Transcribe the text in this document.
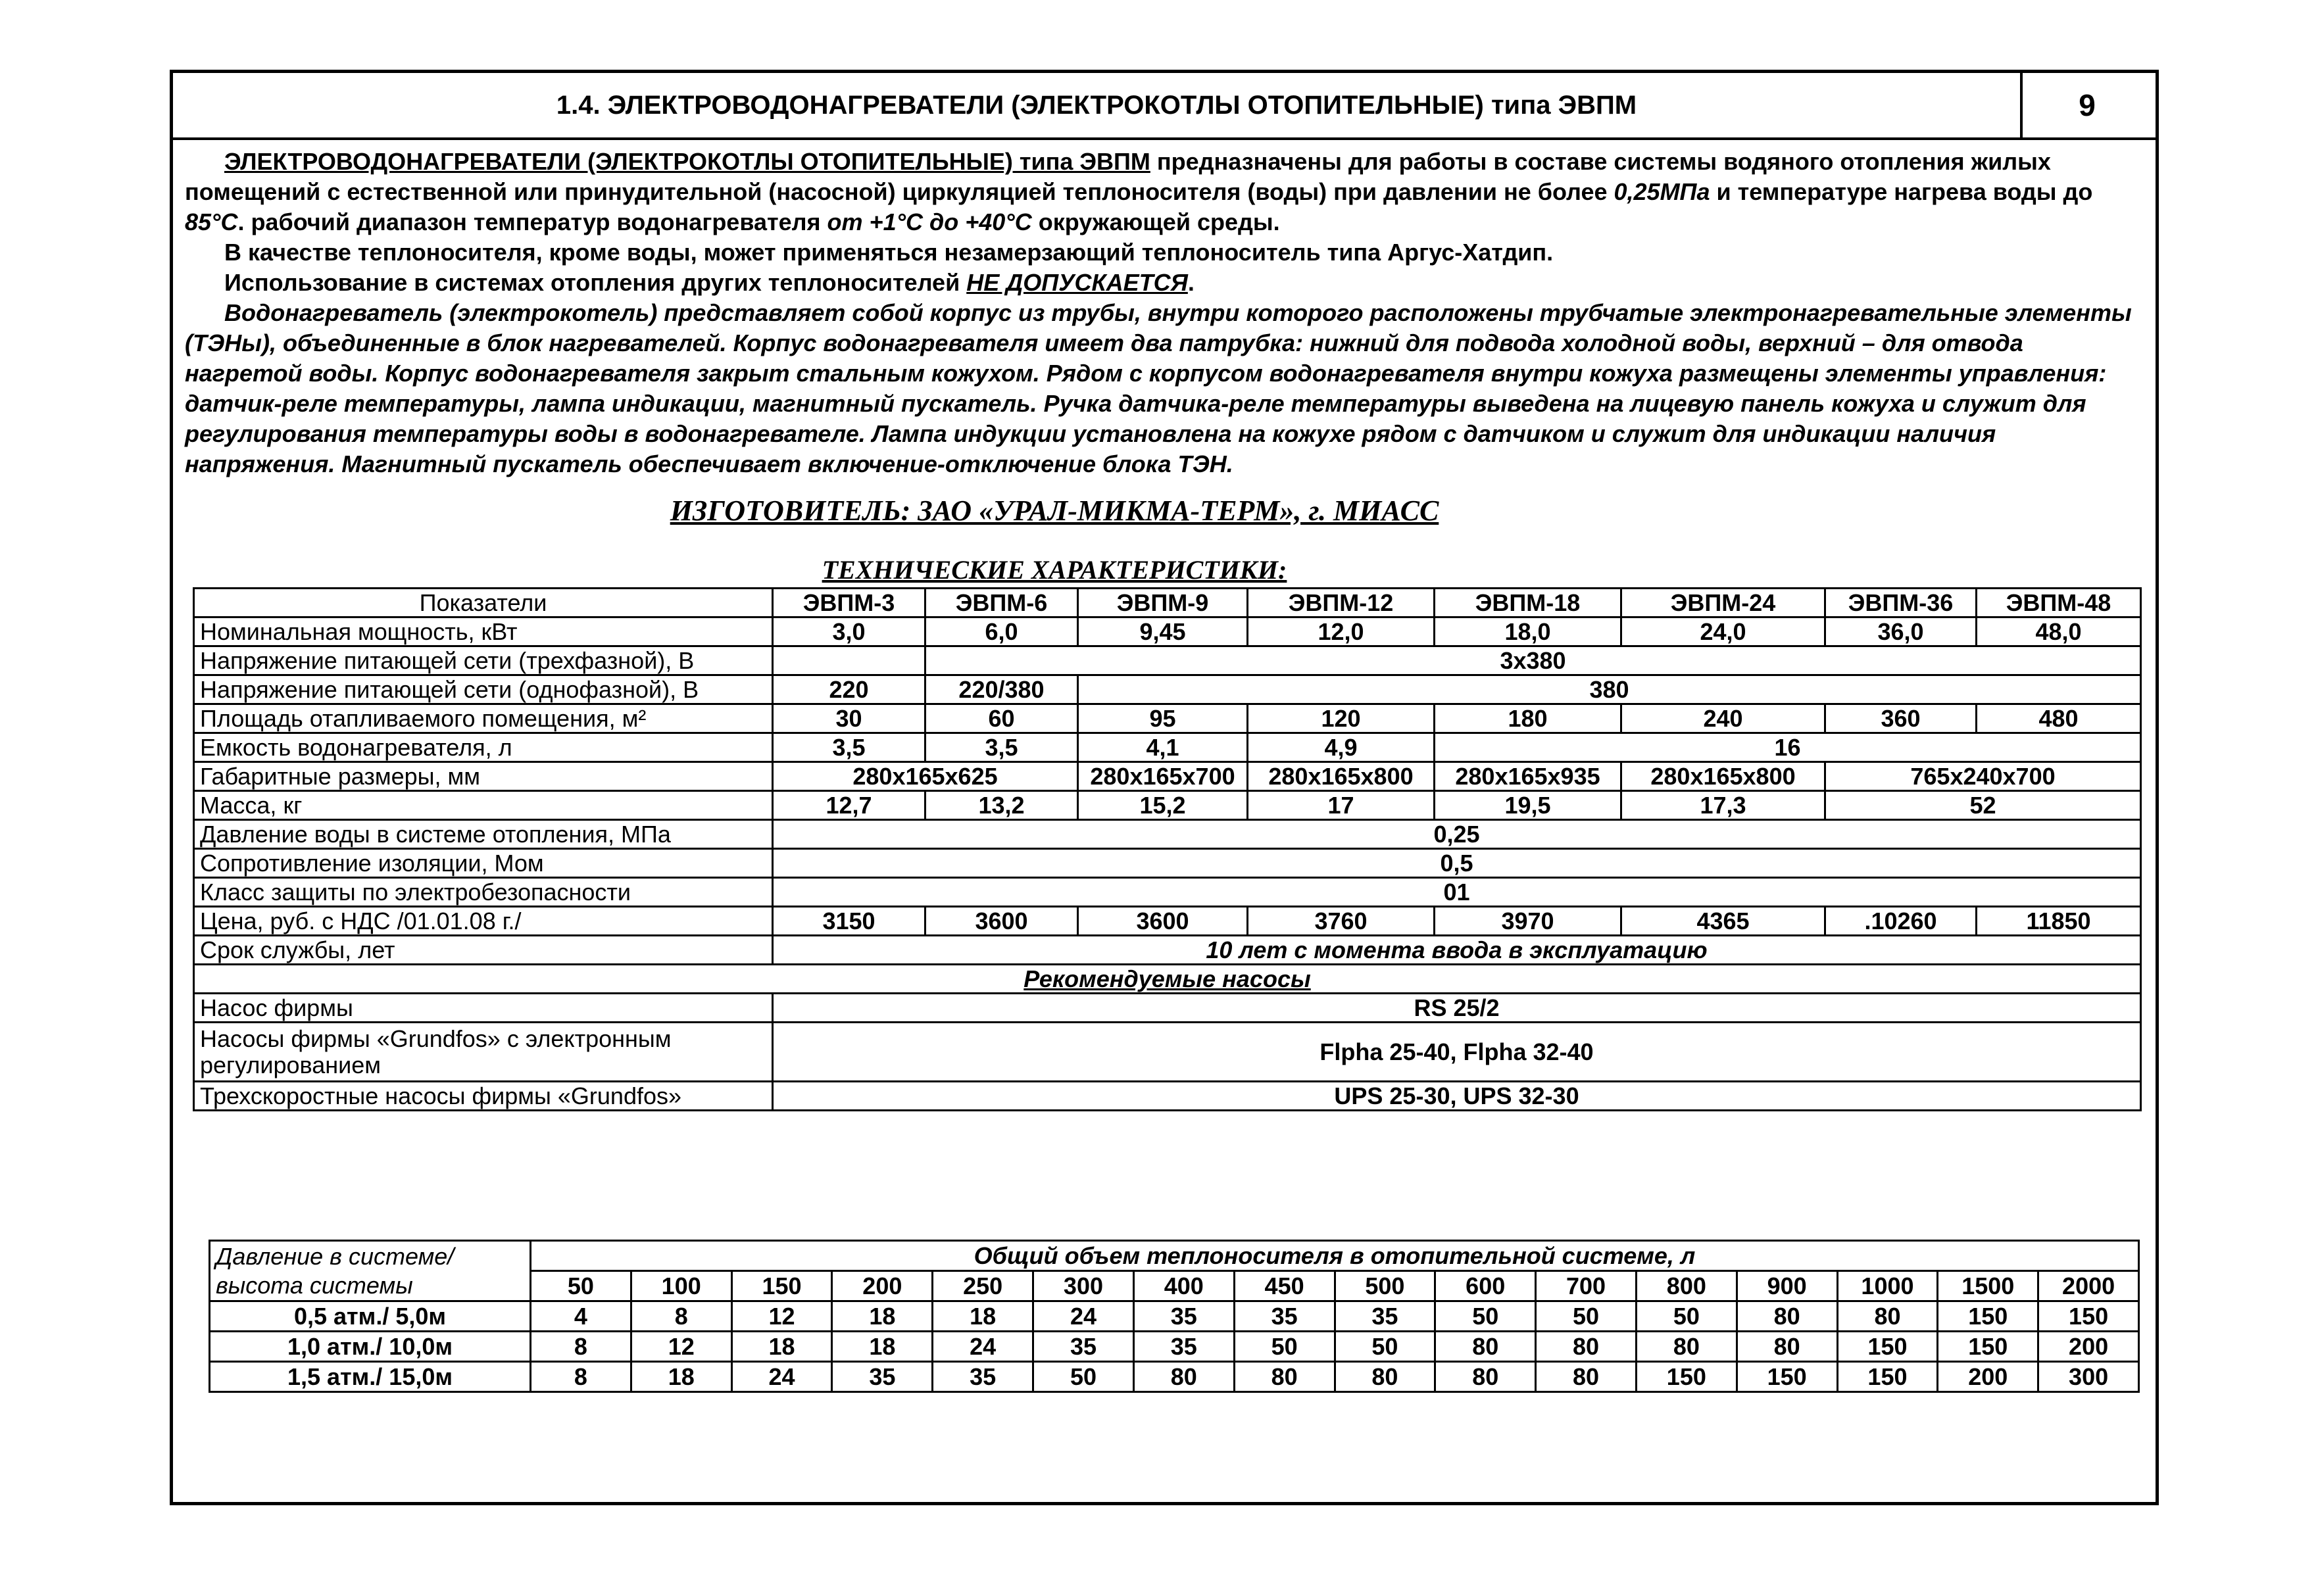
1.4. ЭЛЕКТРОВОДОНАГРЕВАТЕЛИ (ЭЛЕКТРОКОТЛЫ ОТОПИТЕЛЬНЫЕ) типа ЭВПМ	9

ЭЛЕКТРОВОДОНАГРЕВАТЕЛИ (ЭЛЕКТРОКОТЛЫ ОТОПИТЕЛЬНЫЕ) типа ЭВПМ предназначены для работы в составе системы водяного отопления жилых помещений с естественной или принудительной (насосной) циркуляцией теплоносителя (воды) при давлении не более 0,25МПа и температуре нагрева воды до 85°С. рабочий диапазон температур водонагревателя от +1°С до +40°С окружающей среды.

В качестве теплоносителя, кроме воды, может применяться незамерзающий теплоноситель типа Аргус-Хатдип.

Использование в системах отопления других теплоносителей НЕ ДОПУСКАЕТСЯ.

Водонагреватель (электрокотель) представляет собой корпус из трубы, внутри которого расположены трубчатые электронагревательные элементы (ТЭНы), объединенные в блок нагревателей. Корпус водонагревателя имеет два патрубка: нижний для подвода холодной воды, верхний – для отвода нагретой воды. Корпус водонагревателя закрыт стальным кожухом. Рядом с корпусом водонагревателя внутри кожуха размещены элементы управления: датчик-реле температуры, лампа индикации, магнитный пускатель. Ручка датчика-реле температуры выведена на лицевую панель кожуха и служит для регулирования температуры воды в водонагревателе. Лампа индукции установлена на кожухе рядом с датчиком и служит для индикации наличия напряжения. Магнитный пускатель обеспечивает включение-отключение блока ТЭН.

ИЗГОТОВИТЕЛЬ: ЗАО «УРАЛ-МИКМА-ТЕРМ», г. МИАСС
ТЕХНИЧЕСКИЕ ХАРАКТЕРИСТИКИ:
Показатели	ЭВПМ-3	ЭВПМ-6	ЭВПМ-9	ЭВПМ-12	ЭВПМ-18	ЭВПМ-24	ЭВПМ-36	ЭВПМ-48
Номинальная мощность, кВт	3,0	6,0	9,45	12,0	18,0	24,0	36,0	48,0
Напряжение питающей сети (трехфазной), В		3х380						
Напряжение питающей сети (однофазной), В	220	220/380	380					
Площадь отапливаемого помещения, м²	30	60	95	120	180	240	360	480
Емкость водонагревателя, л	3,5	3,5	4,1	4,9	16			
Габаритные размеры, мм	280х165х625		280х165х700	280х165х800	280х165х935	280х165х800	765х240х700	
Масса, кг	12,7	13,2	15,2	17	19,5	17,3	52	
Давление воды в системе отопления, МПа	0,25							
Сопротивление изоляции, Мом	0,5							
Класс защиты по электробезопасности	01							
Цена, руб. с НДС /01.01.08 г./	3150	3600	3600	3760	3970	4365	.10260	11850
Срок службы, лет	10 лет с момента ввода в эксплуатацию							
Рекомендуемые насосы								
Насос фирмы	RS 25/2							
Насосы фирмы «Grundfos» с электронным регулированием	Flpha 25-40, Flpha 32-40							
Трехскоростные насосы фирмы «Grundfos»	UPS 25-30, UPS 32-30							
Давление в системе/ высота системы	Общий объем теплоносителя в отопительной системе, л															
	50	100	150	200	250	300	400	450	500	600	700	800	900	1000	1500	2000
0,5 атм./ 5,0м	4	8	12	18	18	24	35	35	35	50	50	50	80	80	150	150
1,0 атм./ 10,0м	8	12	18	18	24	35	35	50	50	80	80	80	80	150	150	200
1,5 атм./ 15,0м	8	18	24	35	35	50	80	80	80	80	80	150	150	150	200	300
